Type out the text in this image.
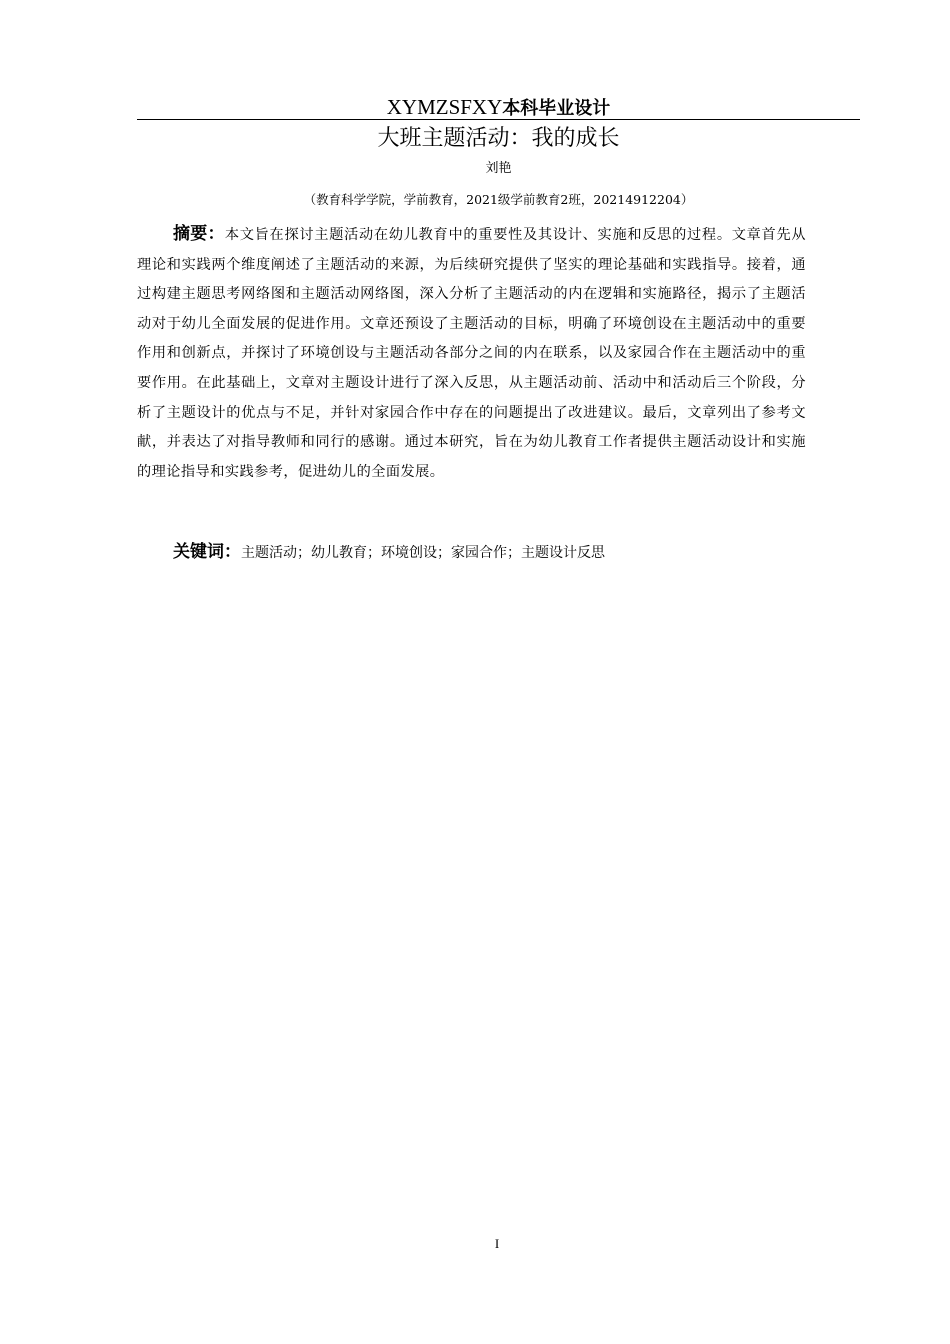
XYMZSFXY本科毕业设计
大班主题活动：我的成长
刘艳
（教育科学学院，学前教育，2021级学前教育2班，20214912204）

摘要：本文旨在探讨主题活动在幼儿教育中的重要性及其设计、实施和反思的过程。文章首先从理论和实践两个维度阐述了主题活动的来源，为后续研究提供了坚实的理论基础和实践指导。接着，通过构建主题思考网络图和主题活动网络图，深入分析了主题活动的内在逻辑和实施路径，揭示了主题活动对于幼儿全面发展的促进作用。文章还预设了主题活动的目标，明确了环境创设在主题活动中的重要作用和创新点，并探讨了环境创设与主题活动各部分之间的内在联系，以及家园合作在主题活动中的重要作用。在此基础上，文章对主题设计进行了深入反思，从主题活动前、活动中和活动后三个阶段，分析了主题设计的优点与不足，并针对家园合作中存在的问题提出了改进建议。最后，文章列出了参考文献，并表达了对指导教师和同行的感谢。通过本研究，旨在为幼儿教育工作者提供主题活动设计和实施的理论指导和实践参考，促进幼儿的全面发展。

关键词：主题活动；幼儿教育；环境创设；家园合作；主题设计反思

I
